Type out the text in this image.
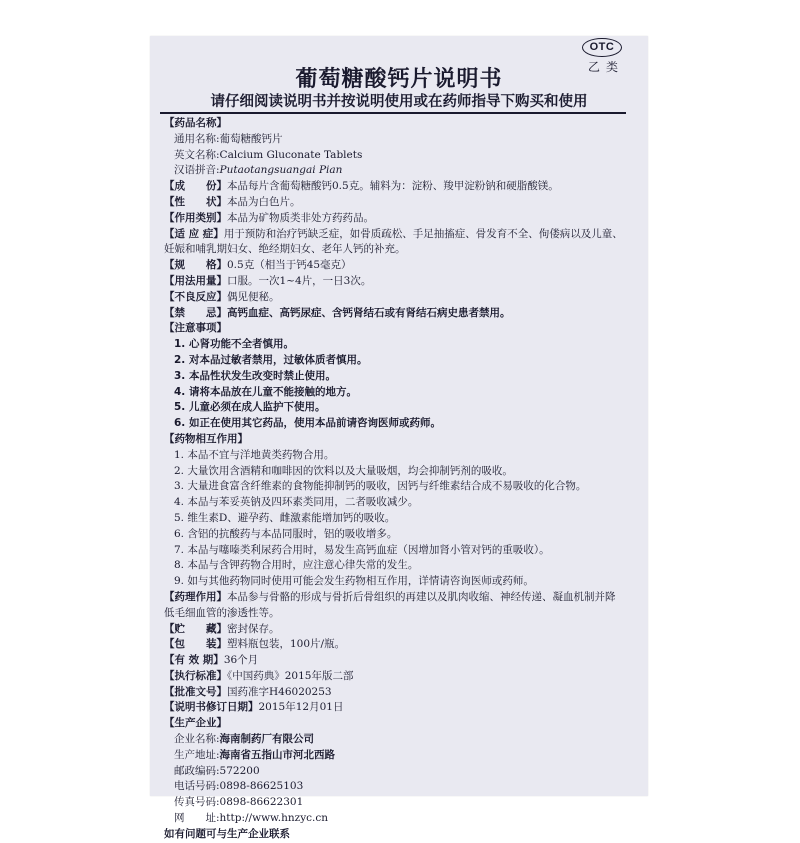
OTC
乙类
葡萄糖酸钙片说明书
请仔细阅读说明书并按说明使用或在药师指导下购买和使用
【药品名称】
通用名称:葡萄糖酸钙片
英文名称:Calcium Gluconate Tablets
汉语拼音:Putaotangsuangai Pian
【成　　份】本品每片含葡萄糖酸钙0.5克。辅料为：淀粉、羧甲淀粉钠和硬脂酸镁。
【性　　状】本品为白色片。
【作用类别】本品为矿物质类非处方药药品。
【适 应 症】用于预防和治疗钙缺乏症，如骨质疏松、手足抽搐症、骨发育不全、佝偻病以及儿童、妊娠和哺乳期妇女、绝经期妇女、老年人钙的补充。
【规　　格】0.5克（相当于钙45毫克）
【用法用量】口服。一次1~4片，一日3次。
【不良反应】偶见便秘。
【禁　　忌】高钙血症、高钙尿症、含钙肾结石或有肾结石病史患者禁用。
【注意事项】
1. 心肾功能不全者慎用。
2. 对本品过敏者禁用，过敏体质者慎用。
3. 本品性状发生改变时禁止使用。
4. 请将本品放在儿童不能接触的地方。
5. 儿童必须在成人监护下使用。
6. 如正在使用其它药品，使用本品前请咨询医师或药师。
【药物相互作用】
1. 本品不宜与洋地黄类药物合用。
2. 大量饮用含酒精和咖啡因的饮料以及大量吸烟，均会抑制钙剂的吸收。
3. 大量进食富含纤维素的食物能抑制钙的吸收，因钙与纤维素结合成不易吸收的化合物。
4. 本品与苯妥英钠及四环素类同用，二者吸收减少。
5. 维生素D、避孕药、雌激素能增加钙的吸收。
6. 含铝的抗酸药与本品同服时，铝的吸收增多。
7. 本品与噻嗪类利尿药合用时，易发生高钙血症（因增加肾小管对钙的重吸收）。
8. 本品与含钾药物合用时，应注意心律失常的发生。
9. 如与其他药物同时使用可能会发生药物相互作用，详情请咨询医师或药师。
【药理作用】本品参与骨骼的形成与骨折后骨组织的再建以及肌肉收缩、神经传递、凝血机制并降低毛细血管的渗透性等。
【贮　　藏】密封保存。
【包　　装】塑料瓶包装，100片/瓶。
【有 效 期】36个月
【执行标准】《中国药典》2015年版二部
【批准文号】国药准字H46020253
【说明书修订日期】2015年12月01日
【生产企业】
企业名称:海南制药厂有限公司
生产地址:海南省五指山市河北西路
邮政编码:572200
电话号码:0898-86625103
传真号码:0898-86622301
网　　址:http://www.hnzyc.cn
如有问题可与生产企业联系
